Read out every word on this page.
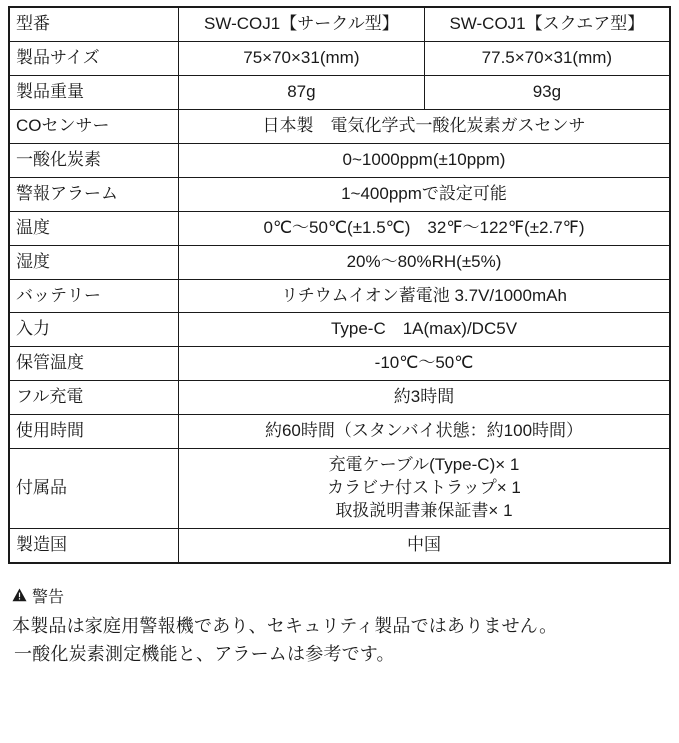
型番	SW-COJ1【サークル型】	SW-COJ1【スクエア型】
製品サイズ	75×70×31(mm)	77.5×70×31(mm)
製品重量	87g	93g
COセンサー	日本製　電気化学式一酸化炭素ガスセンサ	
一酸化炭素	0~1000ppm(±10ppm)	
警報アラーム	1~400ppmで設定可能	
温度	0℃〜50℃(±1.5℃)　32℉〜122℉(±2.7℉)	
湿度	20%〜80%RH(±5%)	
バッテリー	リチウムイオン蓄電池 3.7V/1000mAh	
入力	Type-C　1A(max)/DC5V	
保管温度	-10℃〜50℃	
フル充電	約3時間	
使用時間	約60時間（スタンバイ状態：約100時間）	
付属品	充電ケーブル(Type-C)× 1
カラビナ付ストラップ× 1
取扱説明書兼保証書× 1	

製造国	中国	
警告
本製品は家庭用警報機であり、セキュリティ製品ではありません。
一酸化炭素測定機能と、アラームは参考です。
